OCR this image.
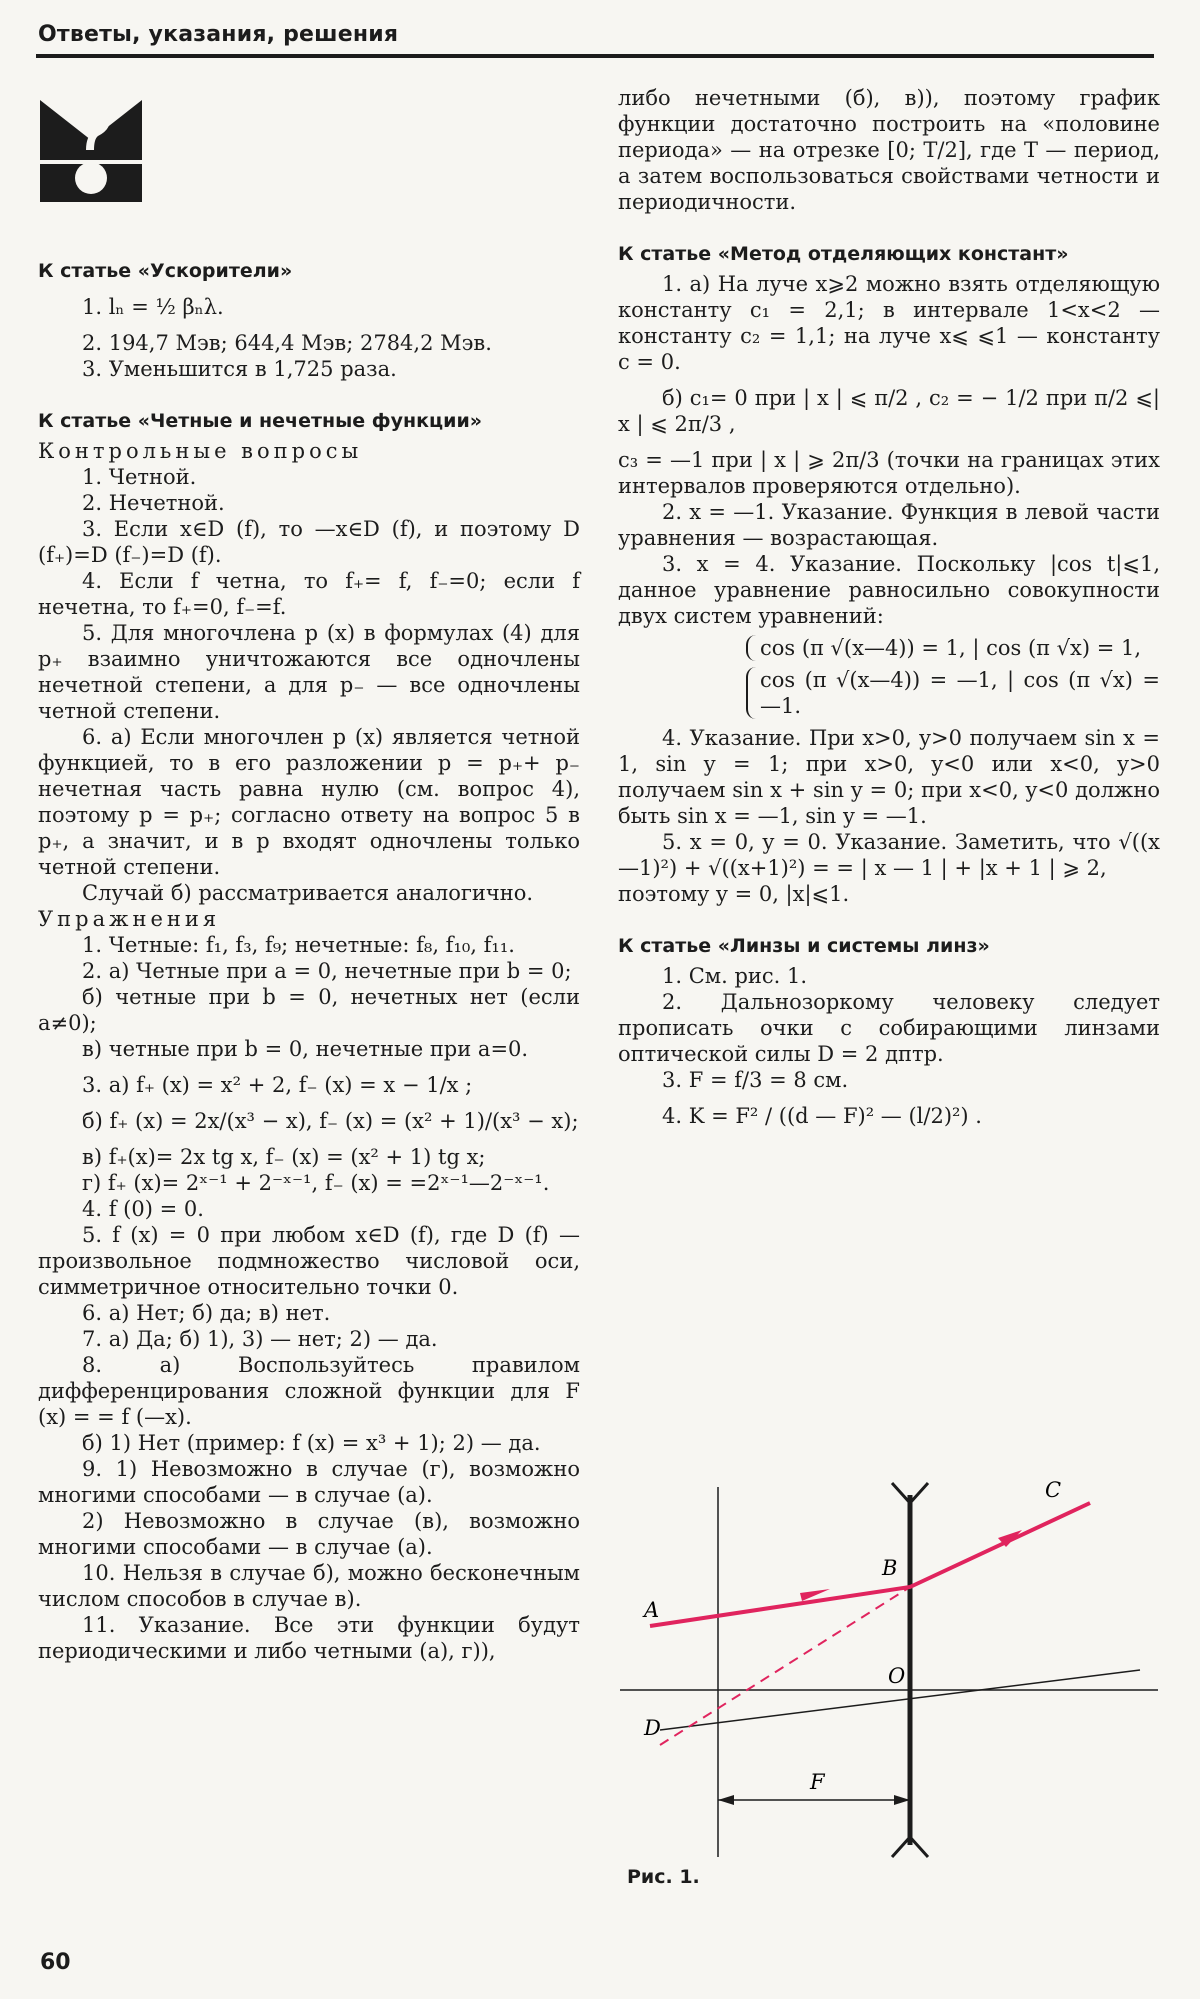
Ответы, указания, решения

К статье «Ускорители»

1. lₙ = ½ βₙλ.

2. 194,7 Мэв; 644,4 Мэв; 2784,2 Мэв.

3. Уменьшится в 1,725 раза.

К статье «Четные и нечетные функции»

Контрольные вопросы

1. Четной.

2. Нечетной.

3. Если x∈D (f), то —x∈D (f), и поэтому D (f₊)=D (f₋)=D (f).

4. Если f четна, то f₊= f, f₋=0; если f нечетна, то f₊=0, f₋=f.

5. Для многочлена p (x) в формулах (4) для p₊ взаимно уничтожаются все одночлены нечетной степени, а для p₋ — все одночлены четной степени.

6. а) Если многочлен p (x) является четной функцией, то в его разложении p = p₊+ p₋ нечетная часть равна нулю (см. вопрос 4), поэтому p = p₊; согласно ответу на вопрос 5 в p₊, а значит, и в p входят одночлены только четной степени.

Случай б) рассматривается аналогично.

Упражнения

1. Четные: f₁, f₃, f₉; нечетные: f₈, f₁₀, f₁₁.

2. а) Четные при a = 0, нечетные при b = 0;

б) четные при b = 0, нечетных нет (если a≠0);

в) четные при b = 0, нечетные при a=0.

3. а) f₊ (x) = x² + 2, f₋ (x) = x − 1/x ;

б) f₊ (x) = 2x/(x³ − x), f₋ (x) = (x² + 1)/(x³ − x);

в) f₊(x)= 2x tg x, f₋ (x) = (x² + 1) tg x;

г) f₊ (x)= 2ˣ⁻¹ + 2⁻ˣ⁻¹, f₋ (x) = =2ˣ⁻¹—2⁻ˣ⁻¹.

4. f (0) = 0.

5. f (x) = 0 при любом x∈D (f), где D (f) — произвольное подмножество числовой оси, симметричное относительно точки 0.

6. а) Нет; б) да; в) нет.

7. а) Да; б) 1), 3) — нет; 2) — да.

8. а) Воспользуйтесь правилом дифференцирования сложной функции для F (x) = = f (—x).

б) 1) Нет (пример: f (x) = x³ + 1); 2) — да.

9. 1) Невозможно в случае (г), возможно многими способами — в случае (а).

2) Невозможно в случае (в), возможно многими способами — в случае (а).

10. Нельзя в случае б), можно бесконечным числом способов в случае в).

11. Указание. Все эти функции будут периодическими и либо четными (а), г)),

либо нечетными (б), в)), поэтому график функции достаточно построить на «половине периода» — на отрезке [0; T/2], где T — период, а затем воспользоваться свойствами четности и периодичности.

К статье «Метод отделяющих констант»

1. а) На луче x⩾2 можно взять отделяющую константу c₁ = 2,1; в интервале 1<x<2 — константу c₂ = 1,1; на луче x⩽ ⩽1 — константу c = 0.

б) c₁= 0 при | x | ⩽ π/2 , c₂ = − 1/2 при π/2 ⩽| x | ⩽ 2π/3 ,

c₃ = —1 при | x | ⩾ 2π/3 (точки на границах этих интервалов проверяются отдельно).

2. x = —1. Указание. Функция в левой части уравнения — возрастающая.

3. x = 4. Указание. Поскольку |cos t|⩽1, данное уравнение равносильно совокупности двух систем уравнений:

cos (π √(x—4)) = 1, | cos (π √x) = 1,

cos (π √(x—4)) = —1, | cos (π √x) = —1.

4. Указание. При x>0, y>0 получаем sin x = 1, sin y = 1; при x>0, y<0 или x<0, y>0 получаем sin x + sin y = 0; при x<0, y<0 должно быть sin x = —1, sin y = —1.

5. x = 0, y = 0. Указание. Заметить, что √((x—1)²) + √((x+1)²) = = | x — 1 | + |x + 1 | ⩾ 2,

поэтому y = 0, |x|⩽1.

К статье «Линзы и системы линз»

1. См. рис. 1.

2. Дальнозоркому человеку следует прописать очки с собирающими линзами оптической силы D = 2 дптр.

3. F = f/3 = 8 см.

4. K = F² / ((d — F)² — (l/2)²) .

A
B
C
O
D
F
Рис. 1.
60
